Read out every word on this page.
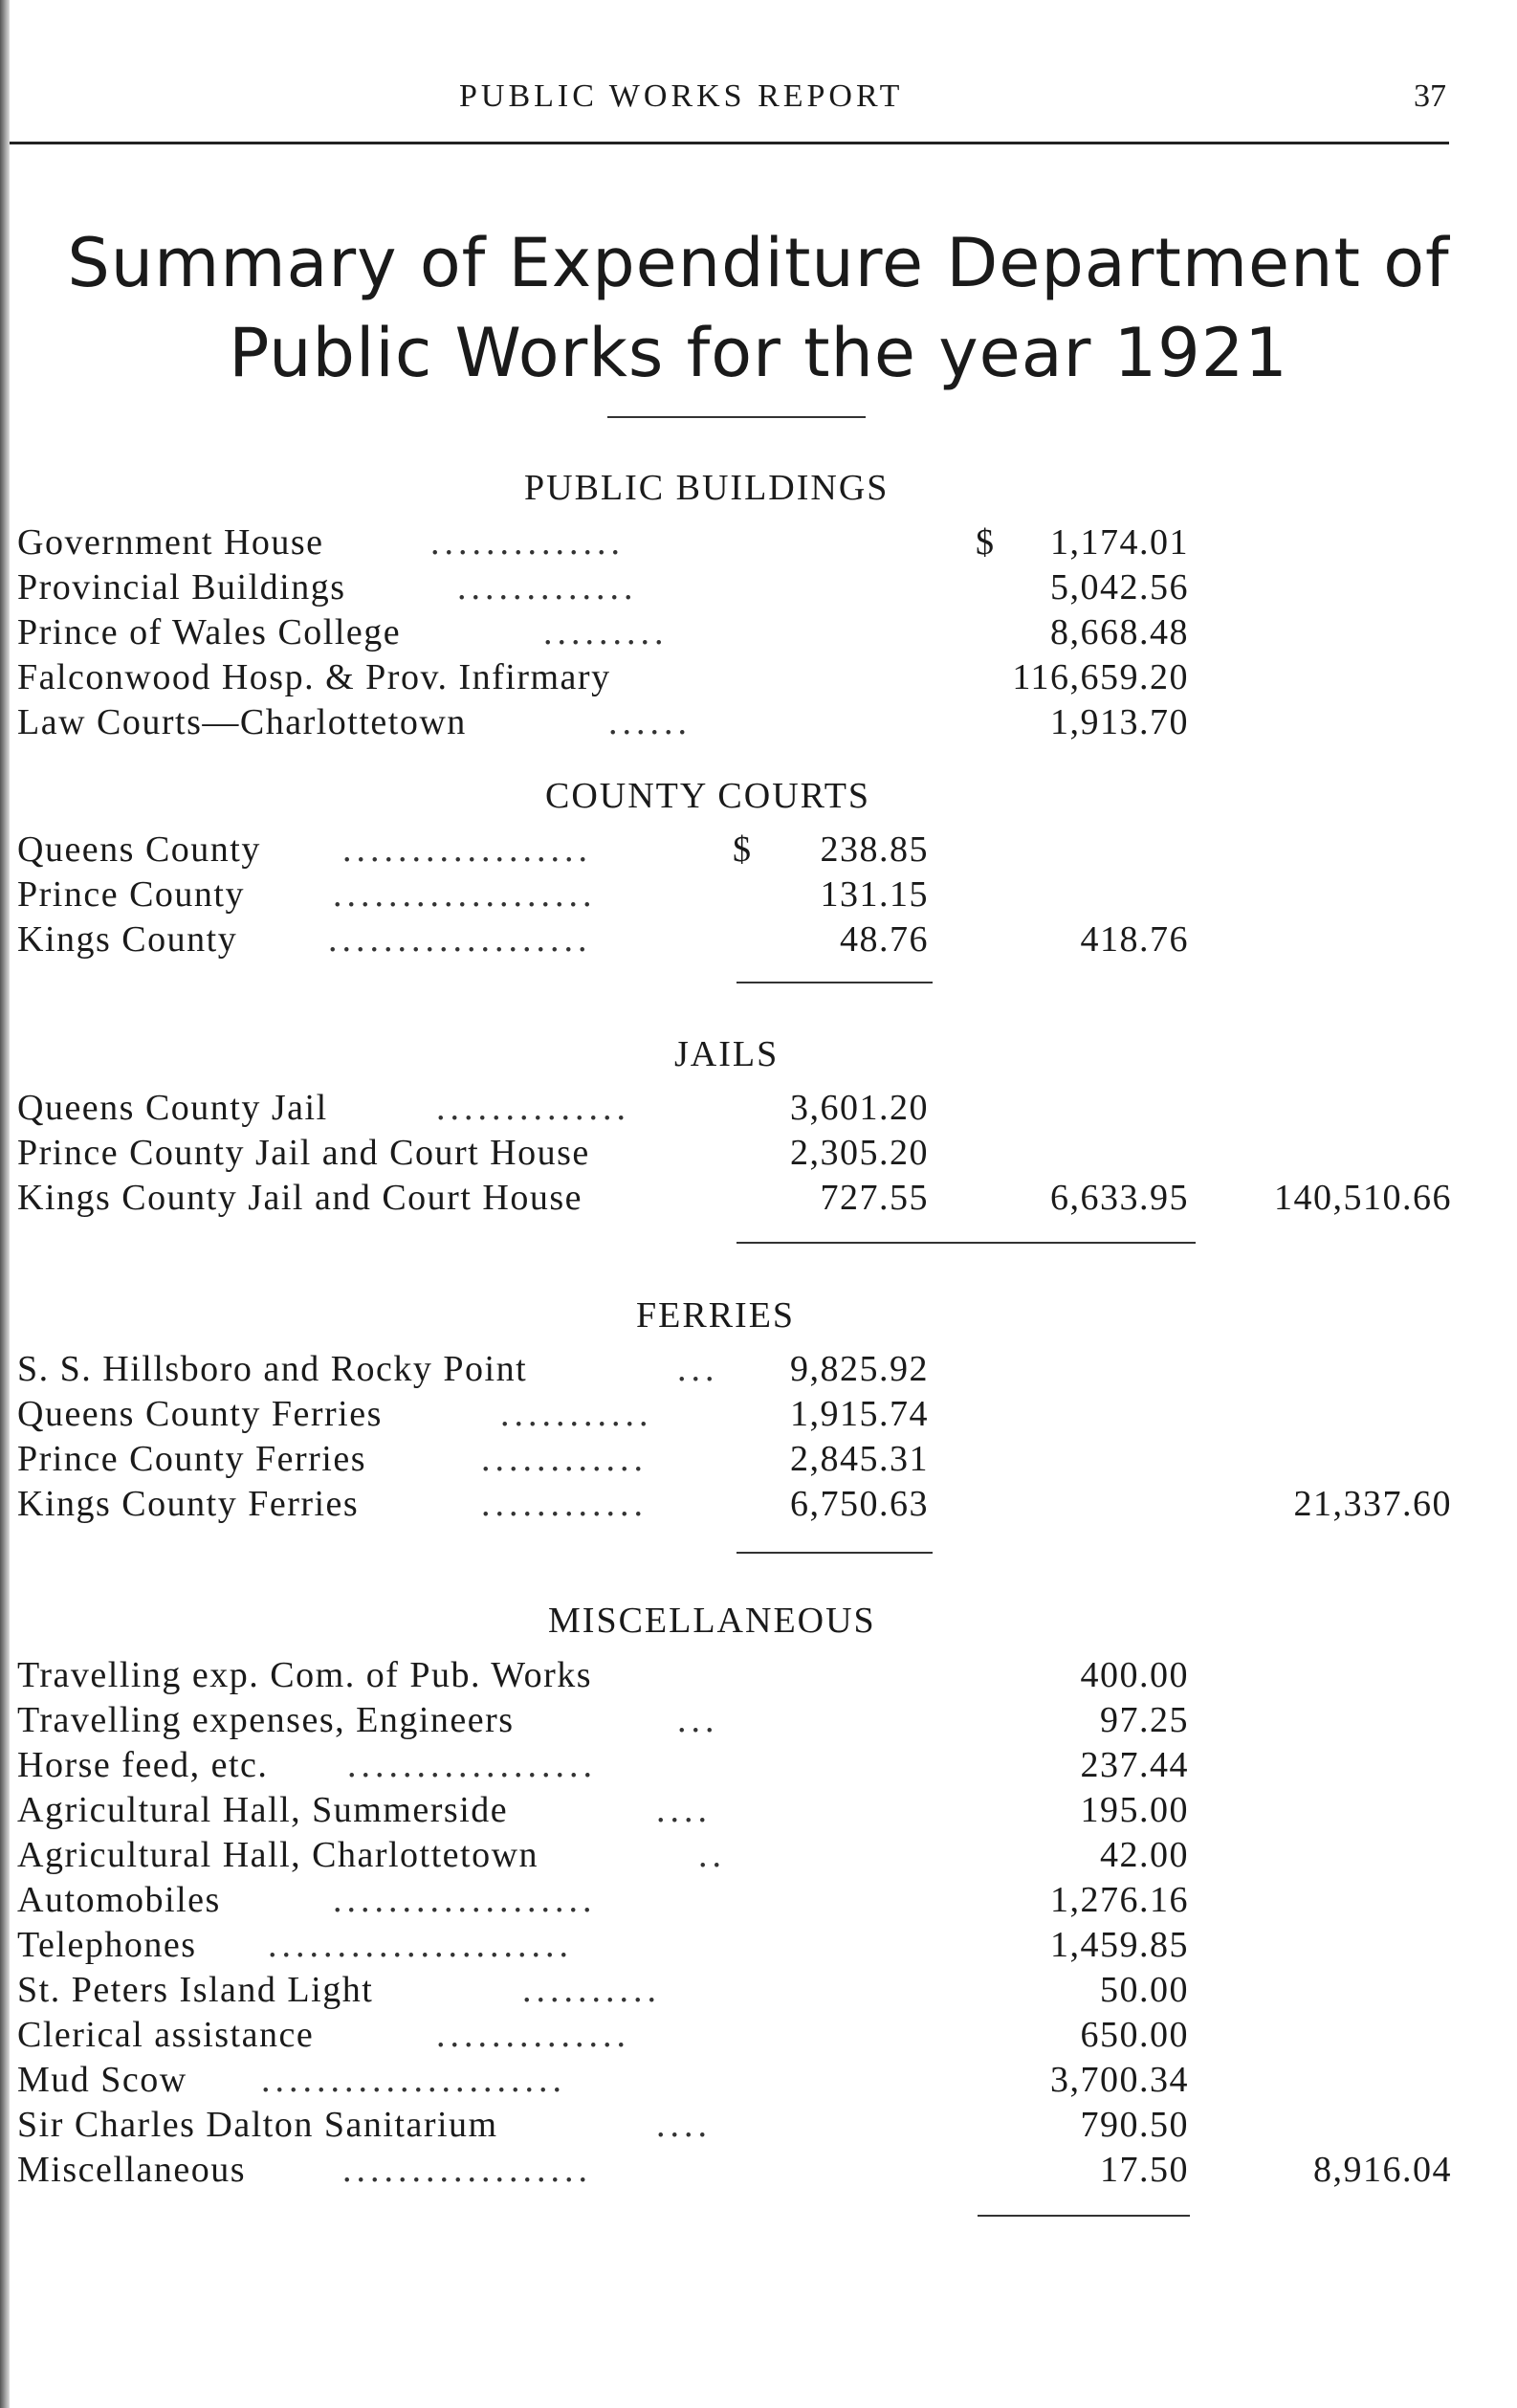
PUBLIC WORKS REPORT	37
Summary of Expenditure Department of
Public Works for the year 1921
PUBLIC BUILDINGS
Government House	..............	$ 1,174.01
Provincial Buildings	.............	5,042.56
Prince of Wales College	.........	8,668.48
Falconwood Hosp. & Prov. Infirmary	116,659.20
Law Courts—Charlottetown	......	1,913.70
COUNTY COURTS
Queens County ..................	$ 238.85
Prince County ...................	131.15
Kings County ...................	48.76	418.76
JAILS
Queens County Jail	..............	3,601.20
Prince County Jail and Court House	2,305.20
Kings County Jail and Court House	727.55	6,633.95 140,510.66
FERRIES
S. S. Hillsboro and Rocky Point	...	9,825.92
Queens County Ferries	...........	1,915.74
Prince County Ferries	............	2,845.31
Kings County Ferries	............	6,750.63	21,337.60
MISCELLANEOUS
Travelling exp. Com. of Pub. Works	400.00
Travelling expenses, Engineers	...	97.25
Horse feed, etc. ..................	237.44
Agricultural Hall, Summerside	....	195.00
Agricultural Hall, Charlottetown	..	42.00
Automobiles	...................	1,276.16
Telephones ......................	1,459.85
St. Peters Island Light	..........	50.00
Clerical assistance	..............	650.00
Mud Scow ......................	3,700.34
Sir Charles Dalton Sanitarium	....	790.50
Miscellaneous	..................	17.50	8,916.04
